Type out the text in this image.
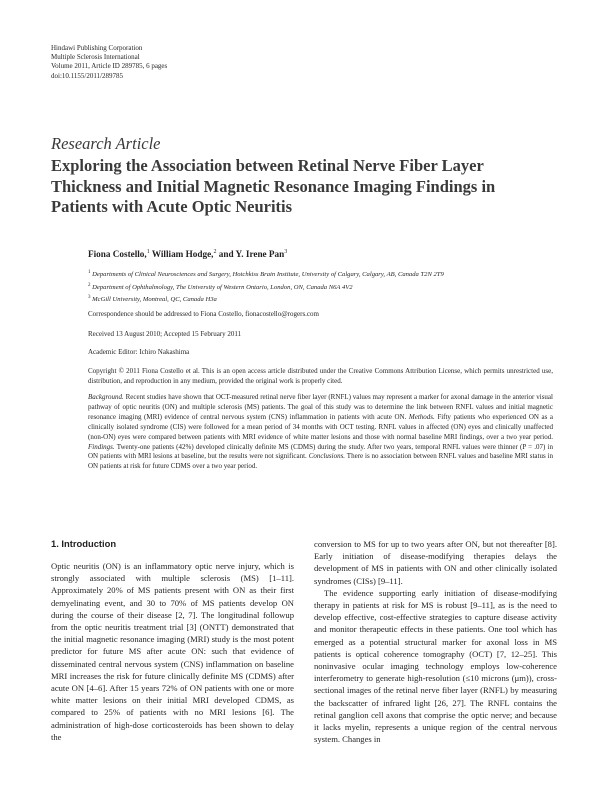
Hindawi Publishing Corporation
Multiple Sclerosis International
Volume 2011, Article ID 289785, 6 pages
doi:10.1155/2011/289785
Research Article
Exploring the Association between Retinal Nerve Fiber Layer Thickness and Initial Magnetic Resonance Imaging Findings in Patients with Acute Optic Neuritis
Fiona Costello,$^1$ William Hodge,$^2$ and Y. Irene Pan$^3$
$^1$ Departments of Clinical Neurosciences and Surgery, Hotchkiss Brain Institute, University of Calgary, Calgary, AB, Canada T2N 2T9
$^2$ Department of Ophthalmology, The University of Western Ontario, London, ON, Canada N6A 4V2
$^3$ McGill University, Montreal, QC, Canada H3a
Correspondence should be addressed to Fiona Costello, fionacostello@rogers.com
Received 13 August 2010; Accepted 15 February 2011
Academic Editor: Ichiro Nakashima
Copyright © 2011 Fiona Costello et al. This is an open access article distributed under the Creative Commons Attribution License, which permits unrestricted use, distribution, and reproduction in any medium, provided the original work is properly cited.
Background. Recent studies have shown that OCT-measured retinal nerve fiber layer (RNFL) values may represent a marker for axonal damage in the anterior visual pathway of optic neuritis (ON) and multiple sclerosis (MS) patients. The goal of this study was to determine the link between RNFL values and initial magnetic resonance imaging (MRI) evidence of central nervous system (CNS) inflammation in patients with acute ON. Methods. Fifty patients who experienced ON as a clinically isolated syndrome (CIS) were followed for a mean period of 34 months with OCT testing. RNFL values in affected (ON) eyes and clinically unaffected (non-ON) eyes were compared between patients with MRI evidence of white matter lesions and those with normal baseline MRI findings, over a two year period. Findings. Twenty-one patients (42%) developed clinically definite MS (CDMS) during the study. After two years, temporal RNFL values were thinner (P = .07) in ON patients with MRI lesions at baseline, but the results were not significant. Conclusions. There is no association between RNFL values and baseline MRI status in ON patients at risk for future CDMS over a two year period.
1. Introduction

Optic neuritis (ON) is an inflammatory optic nerve injury, which is strongly associated with multiple sclerosis (MS) [1–11]. Approximately 20% of MS patients present with ON as their first demyelinating event, and 30 to 70% of MS patients develop ON during the course of their disease [2, 7]. The longitudinal followup from the optic neuritis treatment trial [3] (ONTT) demonstrated that the initial magnetic resonance imaging (MRI) study is the most potent predictor for future MS after acute ON: such that evidence of disseminated central nervous system (CNS) inflammation on baseline MRI increases the risk for future clinically definite MS (CDMS) after acute ON [4–6]. After 15 years 72% of ON patients with one or more white matter lesions on their initial MRI developed CDMS, as compared to 25% of patients with no MRI lesions [6]. The administration of high-dose corticosteroids has been shown to delay the

conversion to MS for up to two years after ON, but not thereafter [8]. Early initiation of disease-modifying therapies delays the development of MS in patients with ON and other clinically isolated syndromes (CISs) [9–11].

The evidence supporting early initiation of disease-modifying therapy in patients at risk for MS is robust [9–11], as is the need to develop effective, cost-effective strategies to capture disease activity and monitor therapeutic effects in these patients. One tool which has emerged as a potential structural marker for axonal loss in MS patients is optical coherence tomography (OCT) [7, 12–25]. This noninvasive ocular imaging technology employs low-coherence interferometry to generate high-resolution (≤10 microns (μm)), cross-sectional images of the retinal nerve fiber layer (RNFL) by measuring the backscatter of infrared light [26, 27]. The RNFL contains the retinal ganglion cell axons that comprise the optic nerve; and because it lacks myelin, represents a unique region of the central nervous system. Changes in
